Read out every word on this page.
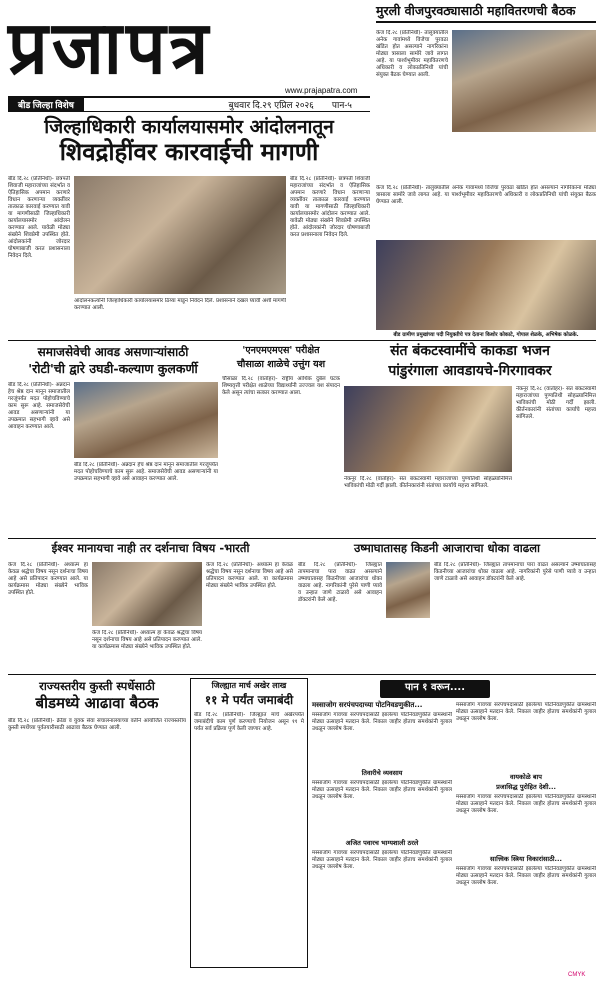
प्रजापत्र	www.prajapatra.com
बीड जिल्हा विशेष	बुधवार दि.२९ एप्रिल २०२६ पान-५
मुरली वीजपुरवठ्यासाठी महावितरणची बैठक
केज दि.२८ (प्रतिनिधी)- तालुक्यातील अनेक गावांमध्ये विजेचा पुरवठा खंडित होत असल्याने नागरिकांना मोठ्या त्रासाला सामोरे जावे लागत आहे. या पार्श्वभूमीवर महावितरणचे अधिकारी व लोकप्रतिनिधी यांची संयुक्त बैठक घेण्यात आली.
केज दि.२८ (प्रतिनिधी)- तालुक्यातील अनेक गावांमध्ये विजेचा पुरवठा खंडित होत असल्याने नागरिकांना मोठ्या त्रासाला सामोरे जावे लागत आहे. या पार्श्वभूमीवर महावितरणचे अधिकारी व लोकप्रतिनिधी यांची संयुक्त बैठक घेण्यात आली.
बीड ग्रामीण प्रमुखांच्या पदी नियुक्तीचे पत्र देताना किशोर कोकाटे, गोपाल शेळके, अभिषेक कोळके.
जिल्हाधिकारी कार्यालयासमोर आंदोलनातून
शिवद्रोहींवर कारवाईची मागणी
बीड दि.२८ (प्रतिनिधी)- छत्रपती शिवाजी महाराजांच्या संदर्भात व ऐतिहासिक अपमान करणारे विधान करणाऱ्या व्यक्तींवर तात्काळ कारवाई करण्यात यावी या मागणीसाठी जिल्हाधिकारी कार्यालयासमोर आंदोलन करण्यात आले. यावेळी मोठ्या संख्येने शिवप्रेमी उपस्थित होते. आंदोलकांनी जोरदार घोषणाबाजी करत प्रशासनाला निवेदन दिले.
आंदोलनकर्त्यांनी जिल्हाधिकारी कार्यालयासमोर ठिय्या मांडून निवेदन दिले. प्रशासनाने दखल घ्यावी अशी मागणी करण्यात आली.
बीड दि.२८ (प्रतिनिधी)- छत्रपती शिवाजी महाराजांच्या संदर्भात व ऐतिहासिक अपमान करणारे विधान करणाऱ्या व्यक्तींवर तात्काळ कारवाई करण्यात यावी या मागणीसाठी जिल्हाधिकारी कार्यालयासमोर आंदोलन करण्यात आले. यावेळी मोठ्या संख्येने शिवप्रेमी उपस्थित होते. आंदोलकांनी जोरदार घोषणाबाजी करत प्रशासनाला निवेदन दिले.
समाजसेवेची आवड असणाऱ्यांसाठी
'रोटी'ची द्वारे उघडी-कल्याण कुलकर्णी
बीड दि.२८ (प्रतिनिधी)- अन्नदान हेच श्रेष्ठ दान मानून समाजातील गरजूंपर्यंत मदत पोहोचविण्याचे काम सुरू आहे. समाजसेवेची आवड असणाऱ्यांनी या उपक्रमात सहभागी व्हावे असे आवाहन करण्यात आले.
बीड दि.२८ (प्रतिनिधी)- अन्नदान हेच श्रेष्ठ दान मानून समाजातील गरजूंपर्यंत मदत पोहोचविण्याचे काम सुरू आहे. समाजसेवेची आवड असणाऱ्यांनी या उपक्रमात सहभागी व्हावे असे आवाहन करण्यात आले.
'एनएमएमएस' परीक्षेत
चौसाळा शाळेचे उत्तुंग यश
चौसाळा दि.२८ (वार्ताहर)- राष्ट्रीय आर्थिक दुर्बल घटक शिष्यवृत्ती परीक्षेत शाळेच्या विद्यार्थ्यांनी उज्ज्वल यश संपादन केले असून त्यांचा सत्कार करण्यात आला.
संत बंकटस्वामींचे काकडा भजन
पांडुरंगाला आवडायचे-गिरगावकर
नेकनूर दि.२८ (वार्ताहर)- संत बंकटस्वामी महाराजांच्या पुण्यतिथी सोहळ्यानिमित्त भाविकांची मोठी गर्दी झाली. कीर्तनकारांनी संतांच्या कार्याचे महत्त्व सांगितले.
नेकनूर दि.२८ (वार्ताहर)- संत बंकटस्वामी महाराजांच्या पुण्यतिथी सोहळ्यानिमित्त भाविकांची मोठी गर्दी झाली. कीर्तनकारांनी संतांच्या कार्याचे महत्त्व सांगितले.
ईश्वर मानायचा नाही तर दर्शनाचा विषय -भारती
केज दि.२८ (प्रतिनिधी)- अध्यात्म हा केवळ श्रद्धेचा विषय नसून दर्शनाचा विषय आहे असे प्रतिपादन करण्यात आले. या कार्यक्रमास मोठ्या संख्येने भाविक उपस्थित होते.
केज दि.२८ (प्रतिनिधी)- अध्यात्म हा केवळ श्रद्धेचा विषय नसून दर्शनाचा विषय आहे असे प्रतिपादन करण्यात आले. या कार्यक्रमास मोठ्या संख्येने भाविक उपस्थित होते.
केज दि.२८ (प्रतिनिधी)- अध्यात्म हा केवळ श्रद्धेचा विषय नसून दर्शनाचा विषय आहे असे प्रतिपादन करण्यात आले. या कार्यक्रमास मोठ्या संख्येने भाविक उपस्थित होते.
उष्माघातासह किडनी आजाराचा धोका वाढला
बीड दि.२८ (प्रतिनिधी)- जिल्ह्यात तापमानाचा पारा वाढत असल्याने उष्माघातासह किडनीच्या आजारांचा धोका वाढला आहे. नागरिकांनी पुरेसे पाणी प्यावे व उन्हात जाणे टाळावे असे आवाहन डॉक्टरांनी केले आहे.
बीड दि.२८ (प्रतिनिधी)- जिल्ह्यात तापमानाचा पारा वाढत असल्याने उष्माघातासह किडनीच्या आजारांचा धोका वाढला आहे. नागरिकांनी पुरेसे पाणी प्यावे व उन्हात जाणे टाळावे असे आवाहन डॉक्टरांनी केले आहे.
राज्यस्तरीय कुस्ती स्पर्धेसाठी
बीडमध्ये आढावा बैठक
बीड दि.२८ (प्रतिनिधी)- क्रीडा व युवक सेवा संचालनालयाच्या वतीने आयोजित राज्यस्तरीय कुस्ती स्पर्धेच्या पूर्वतयारीसाठी आढावा बैठक घेण्यात आली.
जिल्ह्यात मार्च अखेर लाख
११ मे पर्यंत जमाबंदी
बीड दि.२८ (प्रतिनिधी)- जिल्ह्यात मार्च अखेरपर्यंत जमाबंदीचे काम पूर्ण करण्याचे नियोजन असून ११ मे पर्यंत सर्व प्रक्रिया पूर्ण केली जाणार आहे.
पान १ वरून....
मस्साजोग सरपंचपदाच्या पोटनिवडणुकीत...
मस्साजोग गावच्या सरपंचपदासाठी झालेल्या पोटनिवडणुकीत ग्रामस्थांनी मोठ्या उत्साहाने मतदान केले. निकाल जाहीर होताच समर्थकांनी गुलाल उधळून जल्लोष केला.
तिवारीचे व्यवसाय
मस्साजोग गावच्या सरपंचपदासाठी झालेल्या पोटनिवडणुकीत ग्रामस्थांनी मोठ्या उत्साहाने मतदान केले. निकाल जाहीर होताच समर्थकांनी गुलाल उधळून जल्लोष केला.
अजित पवारच भाग्यशाली ठरले
मस्साजोग गावच्या सरपंचपदासाठी झालेल्या पोटनिवडणुकीत ग्रामस्थांनी मोठ्या उत्साहाने मतदान केले. निकाल जाहीर होताच समर्थकांनी गुलाल उधळून जल्लोष केला.
मस्साजोग गावच्या सरपंचपदासाठी झालेल्या पोटनिवडणुकीत ग्रामस्थांनी मोठ्या उत्साहाने मतदान केले. निकाल जाहीर होताच समर्थकांनी गुलाल उधळून जल्लोष केला.
वायकोळे बाप
प्रजासिद्ध पुरोहित देशी...
मस्साजोग गावच्या सरपंचपदासाठी झालेल्या पोटनिवडणुकीत ग्रामस्थांनी मोठ्या उत्साहाने मतदान केले. निकाल जाहीर होताच समर्थकांनी गुलाल उधळून जल्लोष केला.
सात्त्विक स्त्रिया विकारांसाठी...
मस्साजोग गावच्या सरपंचपदासाठी झालेल्या पोटनिवडणुकीत ग्रामस्थांनी मोठ्या उत्साहाने मतदान केले. निकाल जाहीर होताच समर्थकांनी गुलाल उधळून जल्लोष केला.
CMYK
